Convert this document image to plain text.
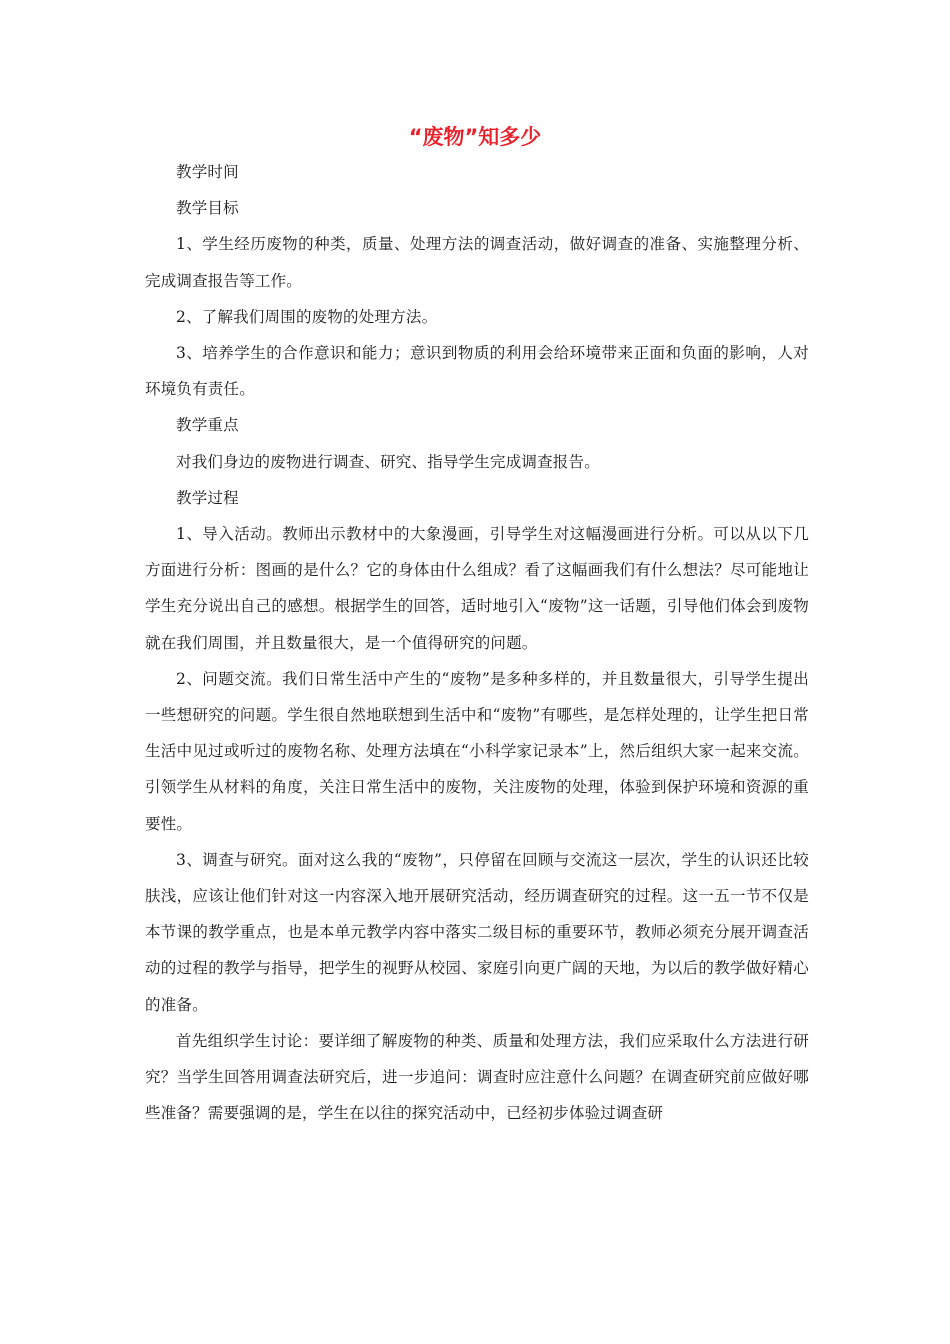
“废物”知多少

教学时间

教学目标

1、学生经历废物的种类，质量、处理方法的调查活动，做好调查的准备、实施整理分析、完成调查报告等工作。

2、了解我们周围的废物的处理方法。

3、培养学生的合作意识和能力；意识到物质的利用会给环境带来正面和负面的影响，人对环境负有责任。

教学重点

对我们身边的废物进行调查、研究、指导学生完成调查报告。

教学过程

1、导入活动。教师出示教材中的大象漫画，引导学生对这幅漫画进行分析。可以从以下几方面进行分析：图画的是什么？它的身体由什么组成？看了这幅画我们有什么想法？尽可能地让学生充分说出自己的感想。根据学生的回答，适时地引入“废物”这一话题，引导他们体会到废物就在我们周围，并且数量很大，是一个值得研究的问题。

2、问题交流。我们日常生活中产生的“废物”是多种多样的，并且数量很大，引导学生提出一些想研究的问题。学生很自然地联想到生活中和“废物”有哪些，是怎样处理的，让学生把日常生活中见过或听过的废物名称、处理方法填在“小科学家记录本”上，然后组织大家一起来交流。引领学生从材料的角度，关注日常生活中的废物，关注废物的处理，体验到保护环境和资源的重要性。

3、调查与研究。面对这么我的“废物”，只停留在回顾与交流这一层次，学生的认识还比较肤浅，应该让他们针对这一内容深入地开展研究活动，经历调查研究的过程。这一五一节不仅是本节课的教学重点，也是本单元教学内容中落实二级目标的重要环节，教师必须充分展开调查活动的过程的教学与指导，把学生的视野从校园、家庭引向更广阔的天地，为以后的教学做好精心的准备。

首先组织学生讨论：要详细了解废物的种类、质量和处理方法，我们应采取什么方法进行研究？当学生回答用调查法研究后，进一步追问：调查时应注意什么问题？在调查研究前应做好哪些准备？需要强调的是，学生在以往的探究活动中，已经初步体验过调查研
